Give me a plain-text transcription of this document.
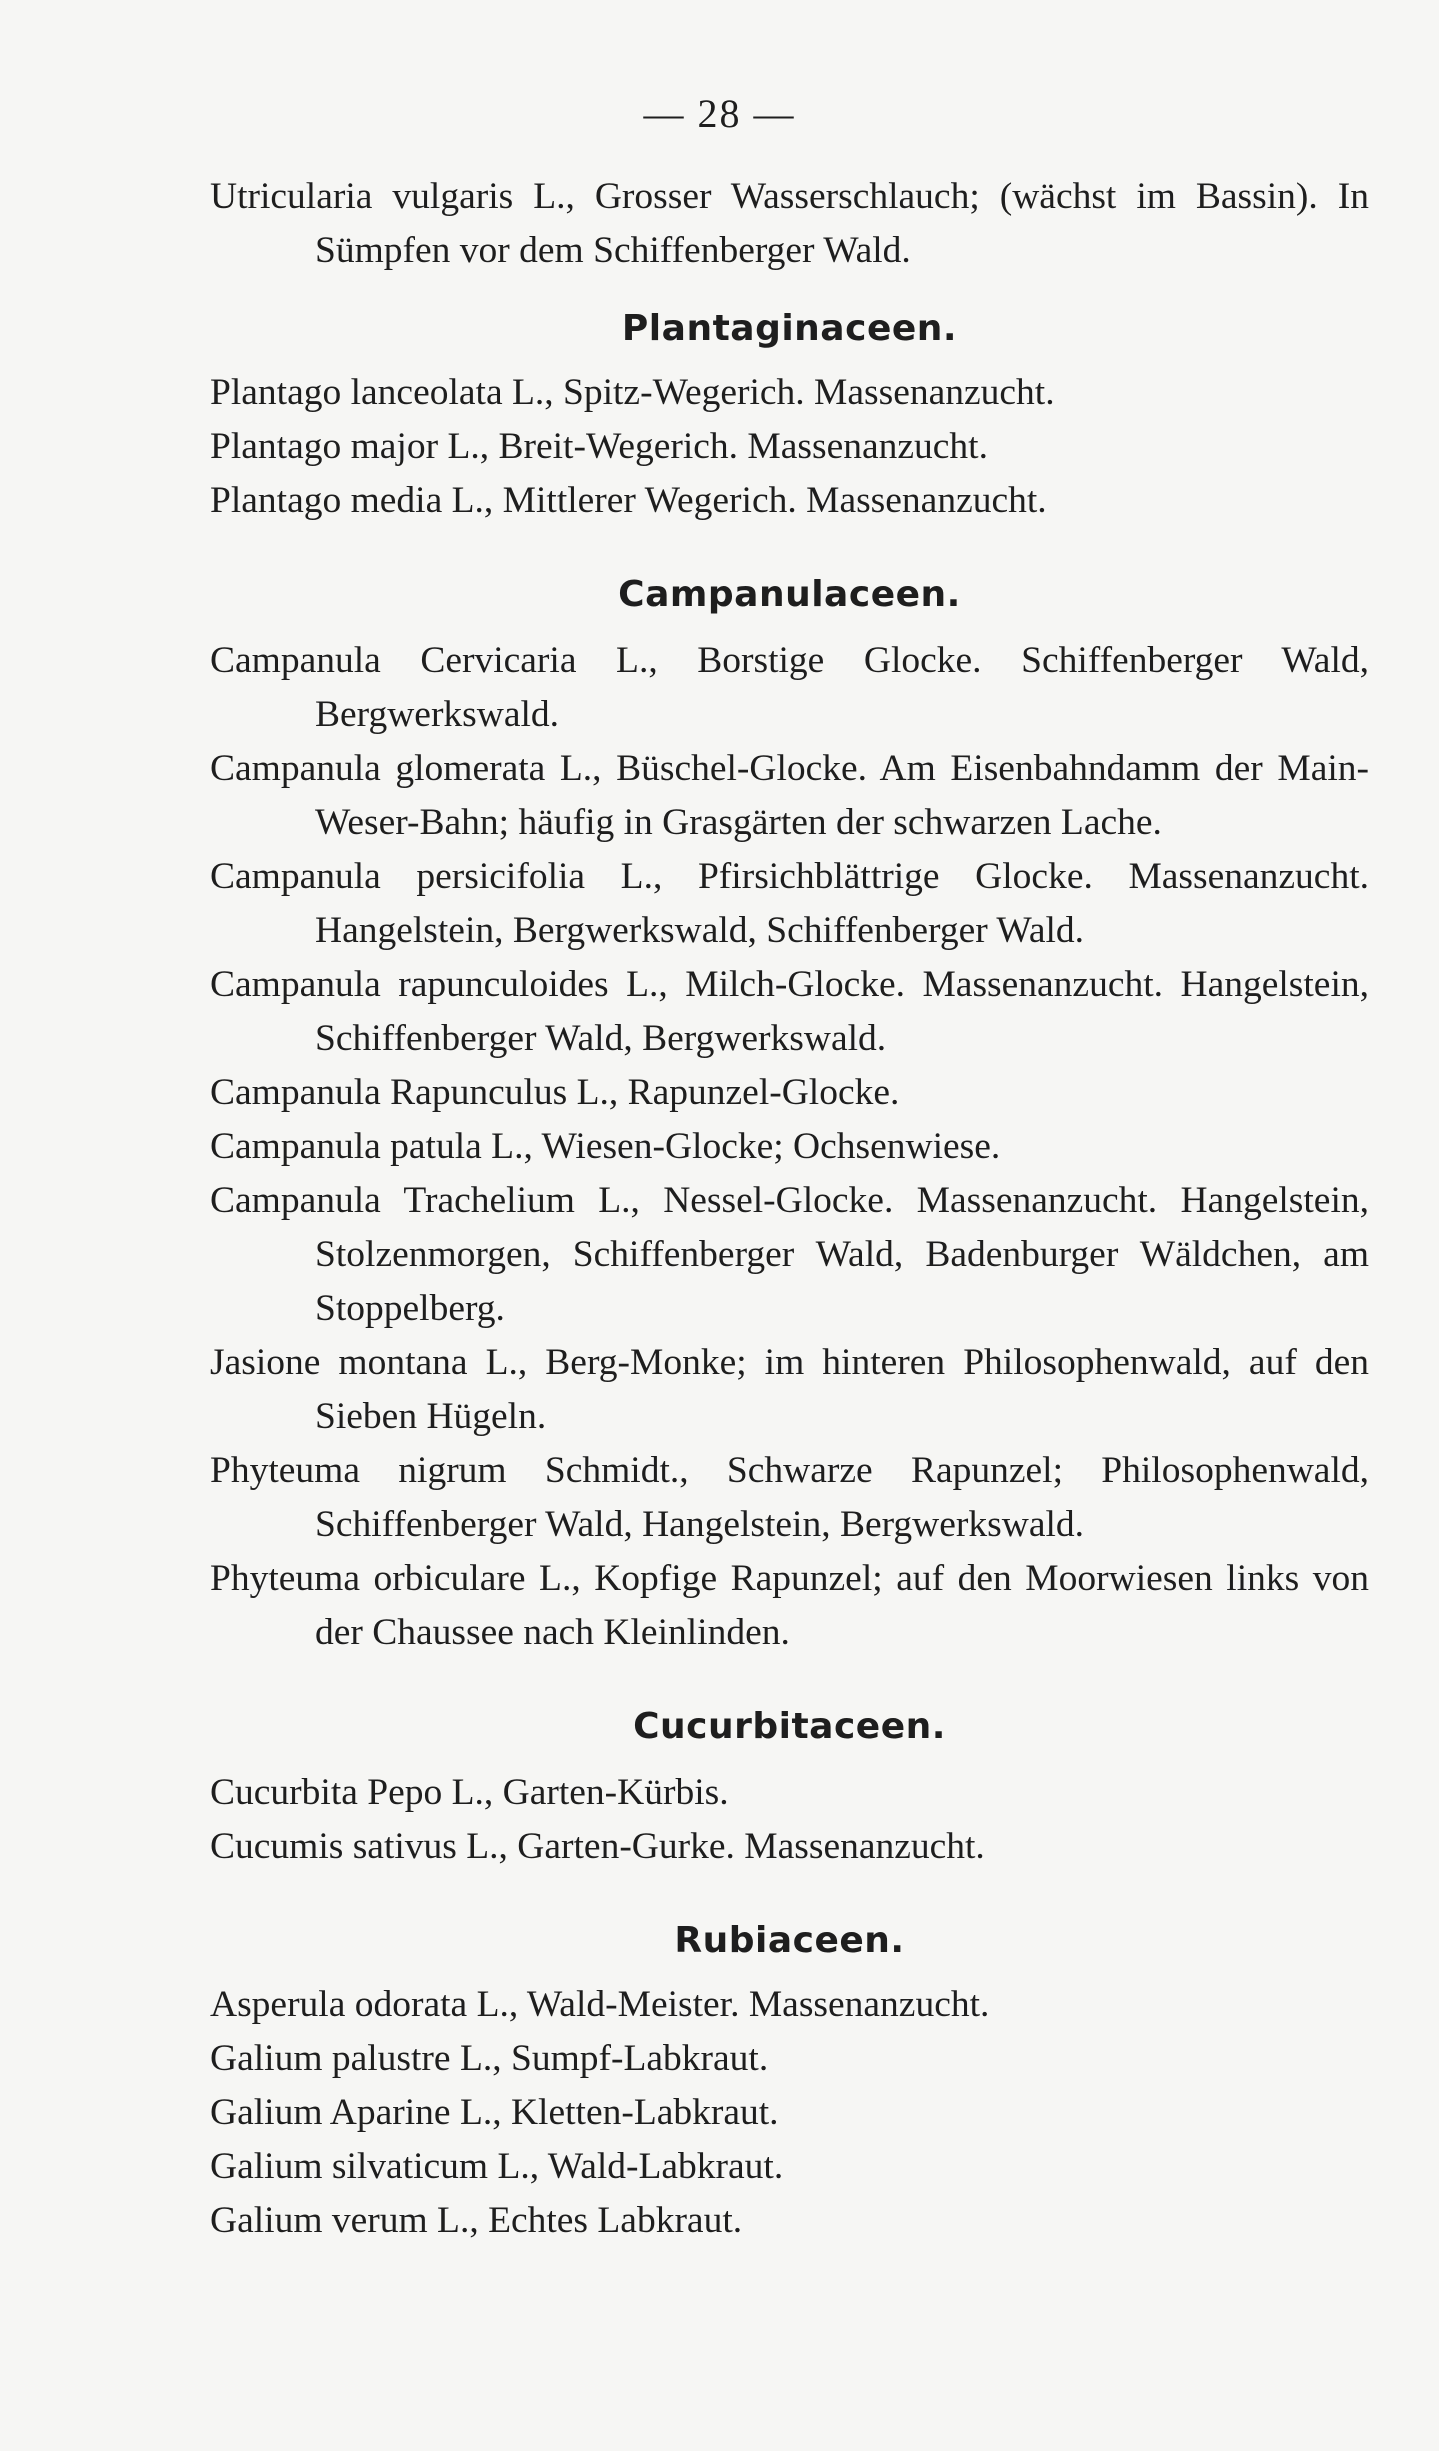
— 28 —

Utricularia vulgaris L., Grosser Wasserschlauch; (wächst im Bassin). In Sümpfen vor dem Schiffenberger Wald.

Plantaginaceen.

Plantago lanceolata L., Spitz-Wegerich. Massenanzucht.

Plantago major L., Breit-Wegerich. Massenanzucht.

Plantago media L., Mittlerer Wegerich. Massenanzucht.

Campanulaceen.

Campanula Cervicaria L., Borstige Glocke. Schiffenberger Wald, Bergwerkswald.

Campanula glomerata L., Büschel-Glocke. Am Eisenbahndamm der Main-Weser-Bahn; häufig in Grasgärten der schwarzen Lache.

Campanula persicifolia L., Pfirsichblättrige Glocke. Massenanzucht. Hangelstein, Bergwerkswald, Schiffenberger Wald.

Campanula rapunculoides L., Milch-Glocke. Massenanzucht. Hangelstein, Schiffenberger Wald, Bergwerkswald.

Campanula Rapunculus L., Rapunzel-Glocke.

Campanula patula L., Wiesen-Glocke; Ochsenwiese.

Campanula Trachelium L., Nessel-Glocke. Massenanzucht. Hangelstein, Stolzenmorgen, Schiffenberger Wald, Badenburger Wäldchen, am Stoppelberg.

Jasione montana L., Berg-Monke; im hinteren Philosophenwald, auf den Sieben Hügeln.

Phyteuma nigrum Schmidt., Schwarze Rapunzel; Philosophenwald, Schiffenberger Wald, Hangelstein, Bergwerkswald.

Phyteuma orbiculare L., Kopfige Rapunzel; auf den Moorwiesen links von der Chaussee nach Kleinlinden.

Cucurbitaceen.

Cucurbita Pepo L., Garten-Kürbis.

Cucumis sativus L., Garten-Gurke. Massenanzucht.

Rubiaceen.

Asperula odorata L., Wald-Meister. Massenanzucht.

Galium palustre L., Sumpf-Labkraut.

Galium Aparine L., Kletten-Labkraut.

Galium silvaticum L., Wald-Labkraut.

Galium verum L., Echtes Labkraut.
